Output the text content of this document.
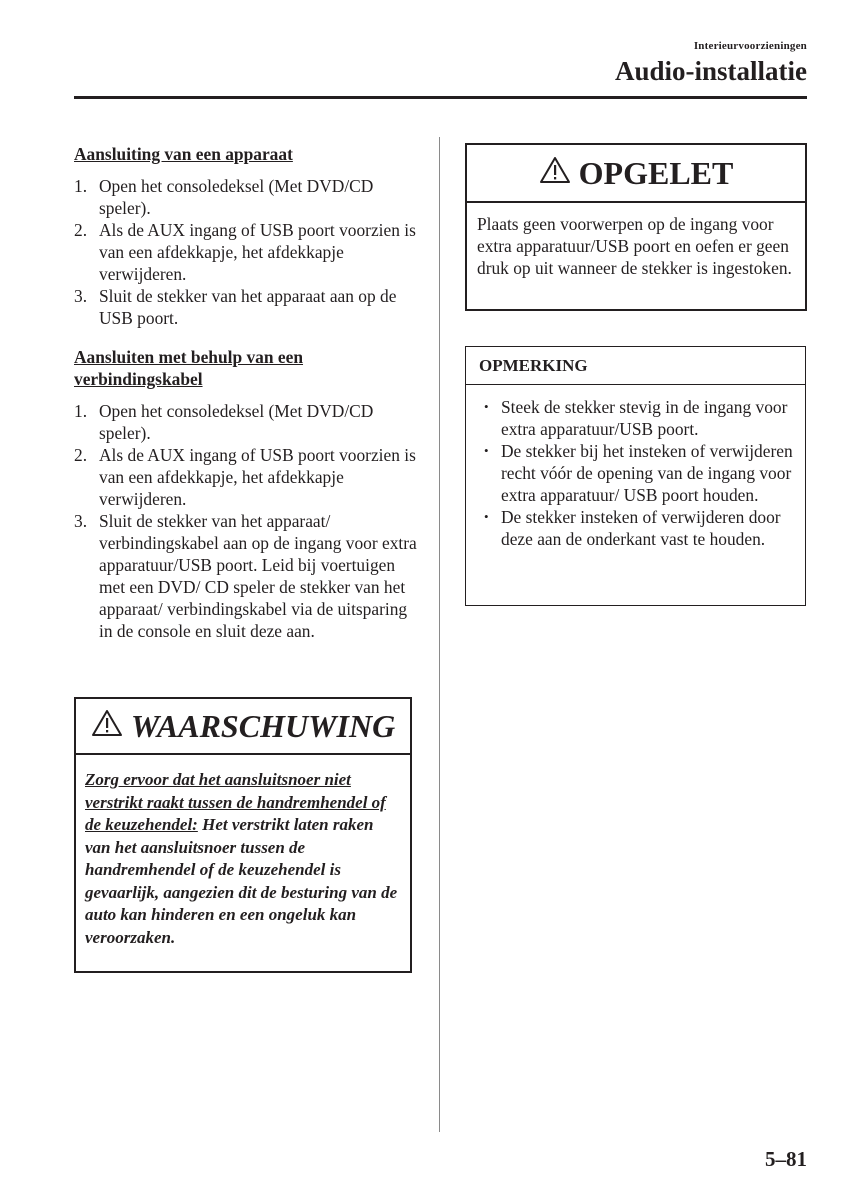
Interieurvoorzieningen
Audio-installatie
Aansluiting van een apparaat
1. Open het consoledeksel (Met DVD/CD speler).
2. Als de AUX ingang of USB poort voorzien is van een afdekkapje, het afdekkapje verwijderen.
3. Sluit de stekker van het apparaat aan op de USB poort.
Aansluiten met behulp van een
verbindingskabel
1. Open het consoledeksel (Met DVD/CD speler).
2. Als de AUX ingang of USB poort voorzien is van een afdekkapje, het afdekkapje verwijderen.
3. Sluit de stekker van het apparaat/ verbindingskabel aan op de ingang voor extra apparatuur/USB poort. Leid bij voertuigen met een DVD/ CD speler de stekker van het apparaat/ verbindingskabel via de uitsparing in de console en sluit deze aan.
WAARSCHUWING
Zorg ervoor dat het aansluitsnoer niet verstrikt raakt tussen de handremhendel of de keuzehendel: Het verstrikt laten raken van het aansluitsnoer tussen de handremhendel of de keuzehendel is gevaarlijk, aangezien dit de besturing van de auto kan hinderen en een ongeluk kan veroorzaken.
OPGELET
Plaats geen voorwerpen op de ingang voor extra apparatuur/USB poort en oefen er geen druk op uit wanneer de stekker is ingestoken.
OPMERKING
• Steek de stekker stevig in de ingang voor extra apparatuur/USB poort.
• De stekker bij het insteken of verwijderen recht vóór de opening van de ingang voor extra apparatuur/ USB poort houden.
• De stekker insteken of verwijderen door deze aan de onderkant vast te houden.
5–81
